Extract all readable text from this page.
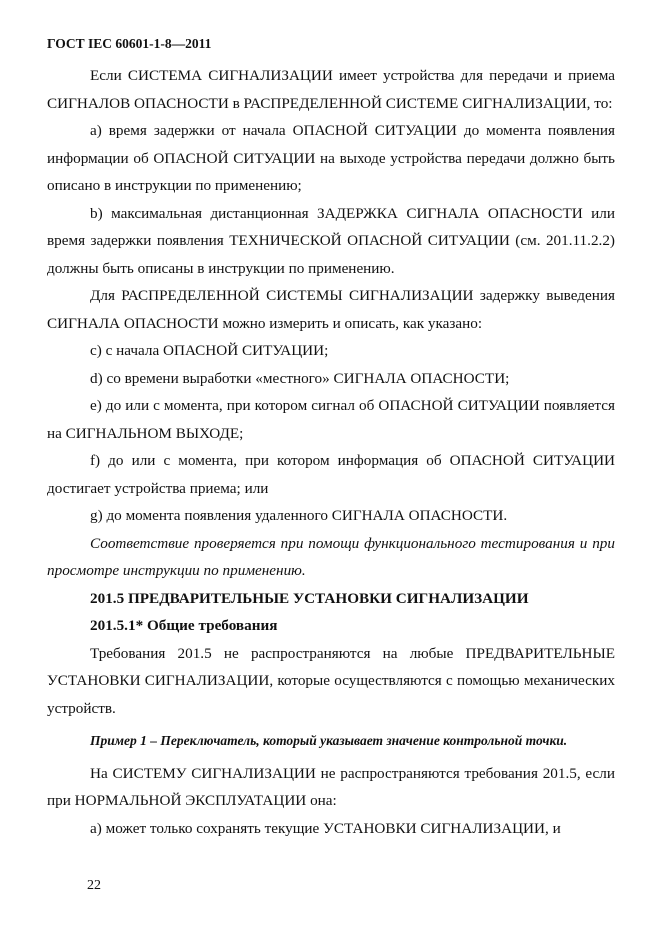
ГОСТ IEC 60601-1-8—2011

Если СИСТЕМА СИГНАЛИЗАЦИИ имеет устройства для передачи и приема СИГНАЛОВ ОПАСНОСТИ в РАСПРЕДЕЛЕННОЙ СИСТЕМЕ СИГНАЛИЗАЦИИ, то:

a) время задержки от начала ОПАСНОЙ СИТУАЦИИ до момента появления информации об ОПАСНОЙ СИТУАЦИИ на выходе устройства передачи должно быть описано в инструкции по применению;

b) максимальная дистанционная ЗАДЕРЖКА СИГНАЛА ОПАСНОСТИ или время задержки появления ТЕХНИЧЕСКОЙ ОПАСНОЙ СИТУАЦИИ (см. 201.11.2.2) должны быть описаны в инструкции по применению.

Для РАСПРЕДЕЛЕННОЙ СИСТЕМЫ СИГНАЛИЗАЦИИ задержку выведения СИГНАЛА ОПАСНОСТИ можно измерить и описать, как указано:

c) с начала ОПАСНОЙ СИТУАЦИИ;

d) со времени выработки «местного» СИГНАЛА ОПАСНОСТИ;

e) до или с момента, при котором сигнал об ОПАСНОЙ СИТУАЦИИ появляется на СИГНАЛЬНОМ ВЫХОДЕ;

f) до или с момента, при котором информация об ОПАСНОЙ СИТУАЦИИ достигает устройства приема; или

g) до момента появления удаленного СИГНАЛА ОПАСНОСТИ.

Соответствие проверяется при помощи функционального тестирования и при просмотре инструкции по применению.

201.5 ПРЕДВАРИТЕЛЬНЫЕ УСТАНОВКИ СИГНАЛИЗАЦИИ

201.5.1* Общие требования

Требования 201.5 не распространяются на любые ПРЕДВАРИТЕЛЬНЫЕ УСТАНОВКИ СИГНАЛИЗАЦИИ, которые осуществляются с помощью механических устройств.

Пример 1 – Переключатель, который указывает значение контрольной точки.

На СИСТЕМУ СИГНАЛИЗАЦИИ не распространяются требования 201.5, если при НОРМАЛЬНОЙ ЭКСПЛУАТАЦИИ она:

a) может только сохранять текущие УСТАНОВКИ СИГНАЛИЗАЦИИ, и

22
